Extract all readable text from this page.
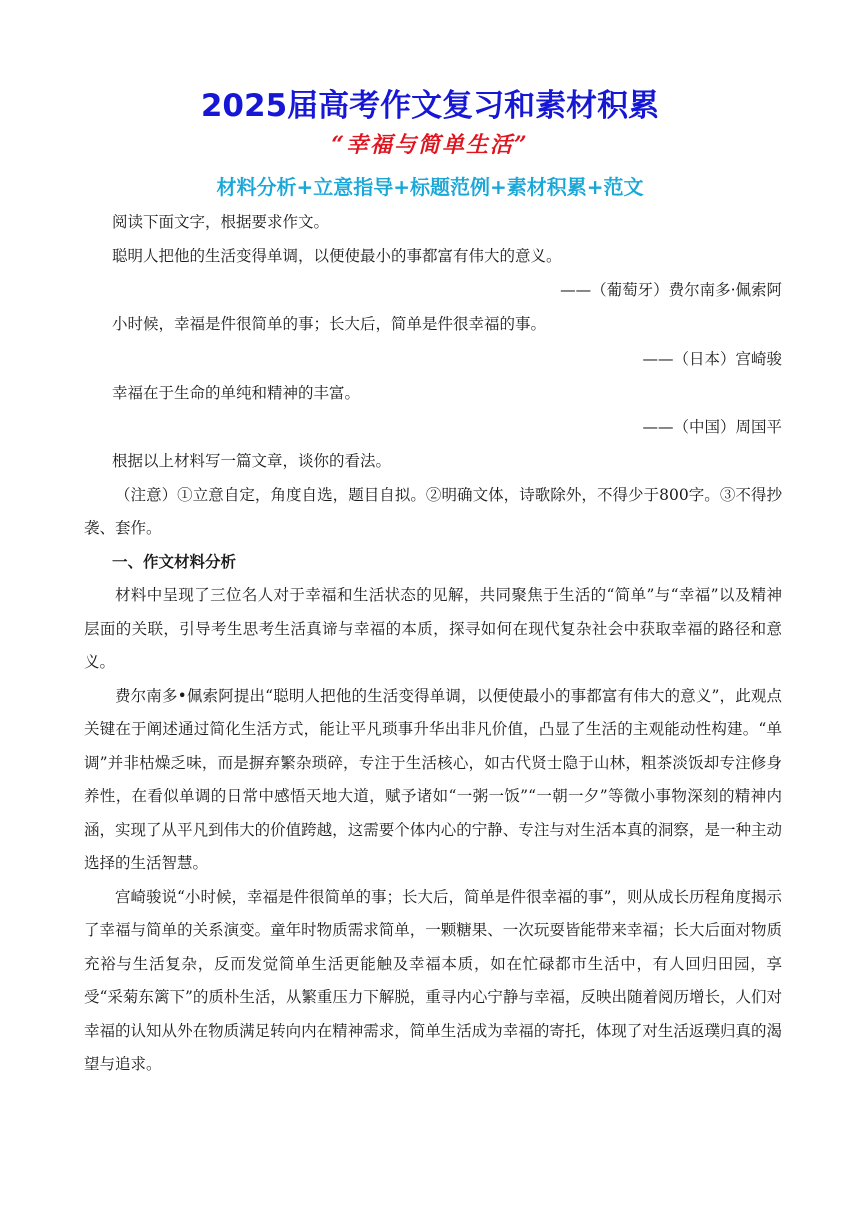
2025届高考作文复习和素材积累
“幸福与简单生活”
材料分析+立意指导+标题范例+素材积累+范文

阅读下面文字，根据要求作文。

聪明人把他的生活变得单调，以便使最小的事都富有伟大的意义。

——（葡萄牙）费尔南多·佩索阿

小时候，幸福是件很简单的事；长大后，简单是件很幸福的事。

——（日本）宫崎骏

幸福在于生命的单纯和精神的丰富。

——（中国）周国平

根据以上材料写一篇文章，谈你的看法。

（注意）①立意自定，角度自选，题目自拟。②明确文体，诗歌除外，不得少于800字。③不得抄袭、套作。

一、作文材料分析

材料中呈现了三位名人对于幸福和生活状态的见解，共同聚焦于生活的“简单”与“幸福”以及精神层面的关联，引导考生思考生活真谛与幸福的本质，探寻如何在现代复杂社会中获取幸福的路径和意义。

费尔南多•佩索阿提出“聪明人把他的生活变得单调，以便使最小的事都富有伟大的意义”，此观点关键在于阐述通过简化生活方式，能让平凡琐事升华出非凡价值，凸显了生活的主观能动性构建。“单调”并非枯燥乏味，而是摒弃繁杂琐碎，专注于生活核心，如古代贤士隐于山林，粗茶淡饭却专注修身养性，在看似单调的日常中感悟天地大道，赋予诸如“一粥一饭”“一朝一夕”等微小事物深刻的精神内涵，实现了从平凡到伟大的价值跨越，这需要个体内心的宁静、专注与对生活本真的洞察，是一种主动选择的生活智慧。

宫崎骏说“小时候，幸福是件很简单的事；长大后，简单是件很幸福的事”，则从成长历程角度揭示了幸福与简单的关系演变。童年时物质需求简单，一颗糖果、一次玩耍皆能带来幸福；长大后面对物质充裕与生活复杂，反而发觉简单生活更能触及幸福本质，如在忙碌都市生活中，有人回归田园，享受“采菊东篱下”的质朴生活，从繁重压力下解脱，重寻内心宁静与幸福，反映出随着阅历增长，人们对幸福的认知从外在物质满足转向内在精神需求，简单生活成为幸福的寄托，体现了对生活返璞归真的渴望与追求。
